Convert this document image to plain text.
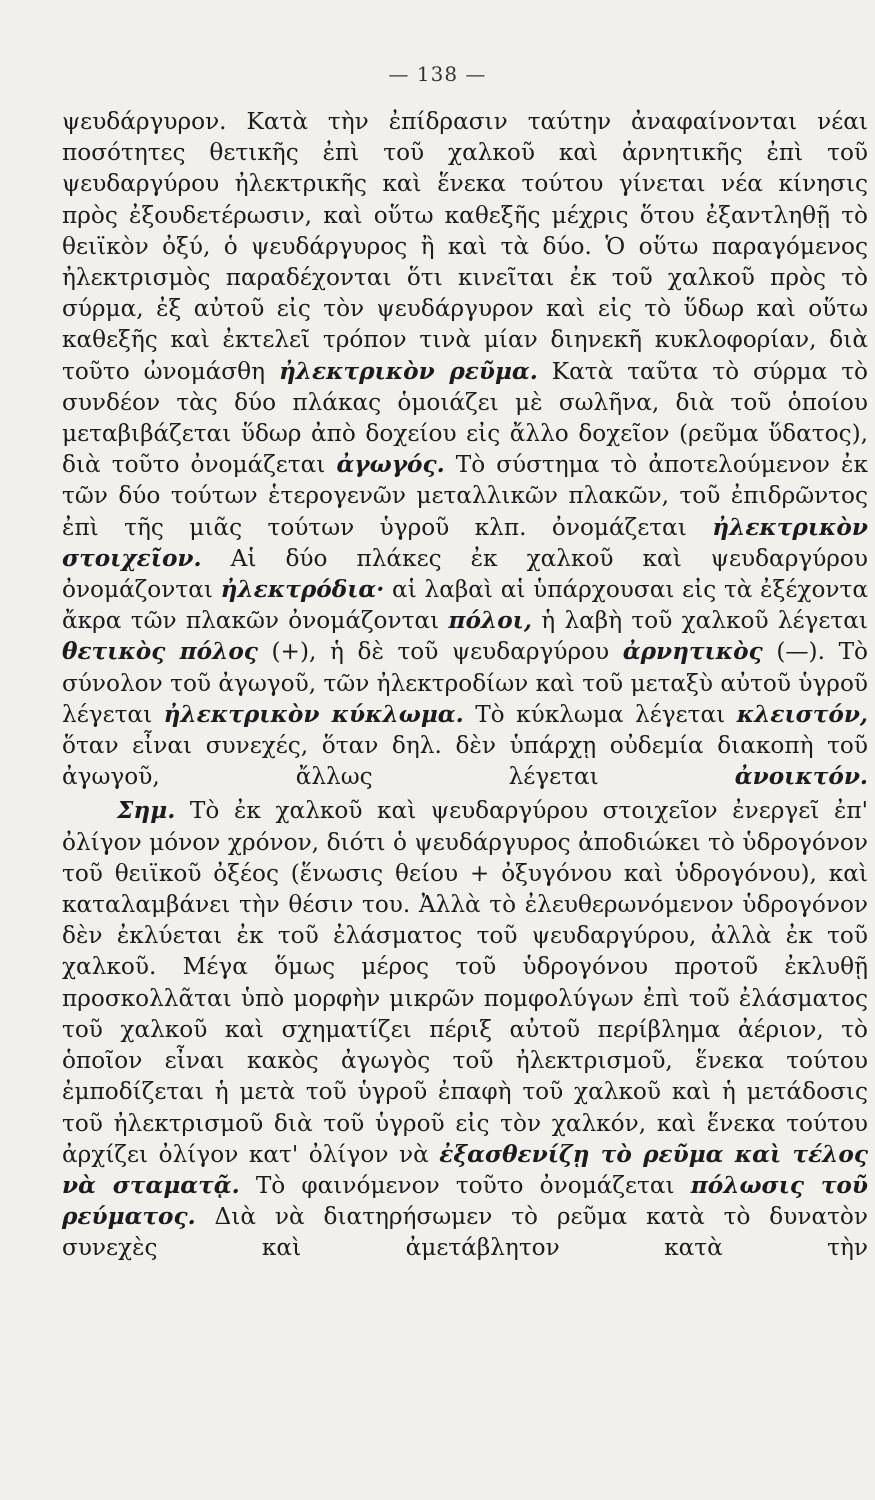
— 138 —

ψευδάργυρον. Κατὰ τὴν ἐπίδρασιν ταύτην ἀναφαίνονται νέαι ποσότητες θετικῆς ἐπὶ τοῦ χαλκοῦ καὶ ἀρνητικῆς ἐπὶ τοῦ ψευδαργύρου ἠλεκτρικῆς καὶ ἕνεκα τούτου γίνεται νέα κίνησις πρὸς ἐξουδετέρωσιν, καὶ οὕτω καθεξῆς μέχρις ὅτου ἐξαντληθῇ τὸ θειϊκὸν ὀξύ, ὁ ψευδάργυρος ἢ καὶ τὰ δύο. Ὁ οὕτω παραγόμενος ἠλεκτρισμὸς παραδέχονται ὅτι κινεῖται ἐκ τοῦ χαλκοῦ πρὸς τὸ σύρμα, ἐξ αὐτοῦ εἰς τὸν ψευδάργυρον καὶ εἰς τὸ ὕδωρ καὶ οὕτω καθεξῆς καὶ ἐκτελεῖ τρόπον τινὰ μίαν διηνεκῆ κυκλοφορίαν, διὰ τοῦτο ὠνομάσθη ἠλεκτρικὸν ρεῦμα. Κατὰ ταῦτα τὸ σύρμα τὸ συνδέον τὰς δύο πλάκας ὁμοιάζει μὲ σωλῆνα, διὰ τοῦ ὁποίου μεταβιβάζεται ὕδωρ ἀπὸ δοχείου εἰς ἄλλο δοχεῖον (ρεῦμα ὕδατος), διὰ τοῦτο ὀνομάζεται ἀγωγός. Τὸ σύστημα τὸ ἀποτελούμενον ἐκ τῶν δύο τούτων ἑτερογενῶν μεταλλικῶν πλακῶν, τοῦ ἐπιδρῶντος ἐπὶ τῆς μιᾶς τούτων ὑγροῦ κλπ. ὀνομάζεται ἠλεκτρικὸν στοιχεῖον. Αἱ δύο πλάκες ἐκ χαλκοῦ καὶ ψευδαργύρου ὀνομάζονται ἠλεκτρόδια· αἱ λαβαὶ αἱ ὑπάρχουσαι εἰς τὰ ἐξέχοντα ἄκρα τῶν πλακῶν ὀνομάζονται πόλοι, ἡ λαβὴ τοῦ χαλκοῦ λέγεται θετικὸς πόλος (+), ἡ δὲ τοῦ ψευδαργύρου ἀρνητικὸς (—). Τὸ σύνολον τοῦ ἀγωγοῦ, τῶν ἠλεκτροδίων καὶ τοῦ μεταξὺ αὐτοῦ ὑγροῦ λέγεται ἠλεκτρικὸν κύκλωμα. Τὸ κύκλωμα λέγεται κλειστόν, ὅταν εἶναι συνεχές, ὅταν δηλ. δὲν ὑπάρχῃ οὐδεμία διακοπὴ τοῦ ἀγωγοῦ, ἄλλως λέγεται ἀνοικτόν.

Σημ. Τὸ ἐκ χαλκοῦ καὶ ψευδαργύρου στοιχεῖον ἐνεργεῖ ἐπ' ὀλίγον μόνον χρόνον, διότι ὁ ψευδάργυρος ἀποδιώκει τὸ ὑδρογόνον τοῦ θειϊκοῦ ὀξέος (ἕνωσις θείου + ὀξυγόνου καὶ ὑδρογόνου), καὶ καταλαμβάνει τὴν θέσιν του. Ἀλλὰ τὸ ἐλευθερωνόμενον ὑδρογόνον δὲν ἐκλύεται ἐκ τοῦ ἐλάσματος τοῦ ψευδαργύρου, ἀλλὰ ἐκ τοῦ χαλκοῦ. Μέγα ὅμως μέρος τοῦ ὑδρογόνου προτοῦ ἐκλυθῇ προσκολλᾶται ὑπὸ μορφὴν μικρῶν πομφολύγων ἐπὶ τοῦ ἐλάσματος τοῦ χαλκοῦ καὶ σχηματίζει πέριξ αὐτοῦ περίβλημα ἀέριον, τὸ ὁποῖον εἶναι κακὸς ἀγωγὸς τοῦ ἠλεκτρισμοῦ, ἕνεκα τούτου ἐμποδίζεται ἡ μετὰ τοῦ ὑγροῦ ἐπαφὴ τοῦ χαλκοῦ καὶ ἡ μετάδοσις τοῦ ἠλεκτρισμοῦ διὰ τοῦ ὑγροῦ εἰς τὸν χαλκόν, καὶ ἕνεκα τούτου ἀρχίζει ὀλίγον κατ' ὀλίγον νὰ ἐξασθενίζῃ τὸ ρεῦμα καὶ τέλος νὰ σταματᾷ. Τὸ φαινόμενον τοῦτο ὀνομάζεται πόλωσις τοῦ ρεύματος. Διὰ νὰ διατηρήσωμεν τὸ ρεῦμα κατὰ τὸ δυνατὸν συνεχὲς καὶ ἀμετάβλητον κατὰ τὴν
